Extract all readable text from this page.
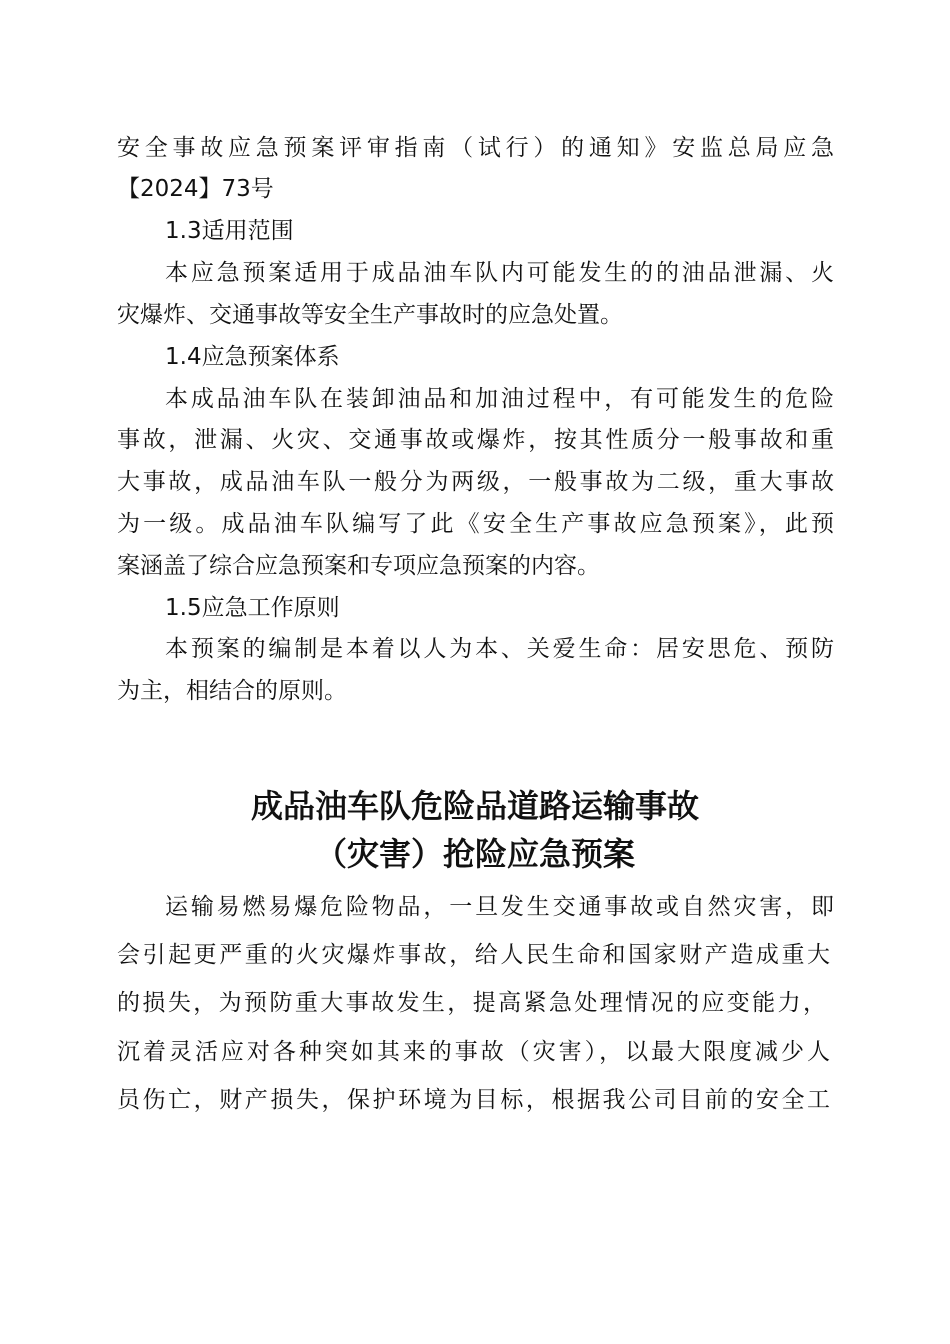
安全事故应急预案评审指南（试行）的通知》安监总局应急
【2024】73号
1.3适用范围
本应急预案适用于成品油车队内可能发生的的油品泄漏、火
灾爆炸、交通事故等安全生产事故时的应急处置。
1.4应急预案体系
本成品油车队在装卸油品和加油过程中，有可能发生的危险
事故，泄漏、火灾、交通事故或爆炸，按其性质分一般事故和重
大事故，成品油车队一般分为两级，一般事故为二级，重大事故
为一级。成品油车队编写了此《安全生产事故应急预案》，此预
案涵盖了综合应急预案和专项应急预案的内容。
1.5应急工作原则
本预案的编制是本着以人为本、关爱生命：居安思危、预防
为主，相结合的原则。
成品油车队危险品道路运输事故
（灾害）抢险应急预案
运输易燃易爆危险物品，一旦发生交通事故或自然灾害，即
会引起更严重的火灾爆炸事故，给人民生命和国家财产造成重大
的损失，为预防重大事故发生，提高紧急处理情况的应变能力，
沉着灵活应对各种突如其来的事故（灾害），以最大限度减少人
员伤亡，财产损失，保护环境为目标，根据我公司目前的安全工
